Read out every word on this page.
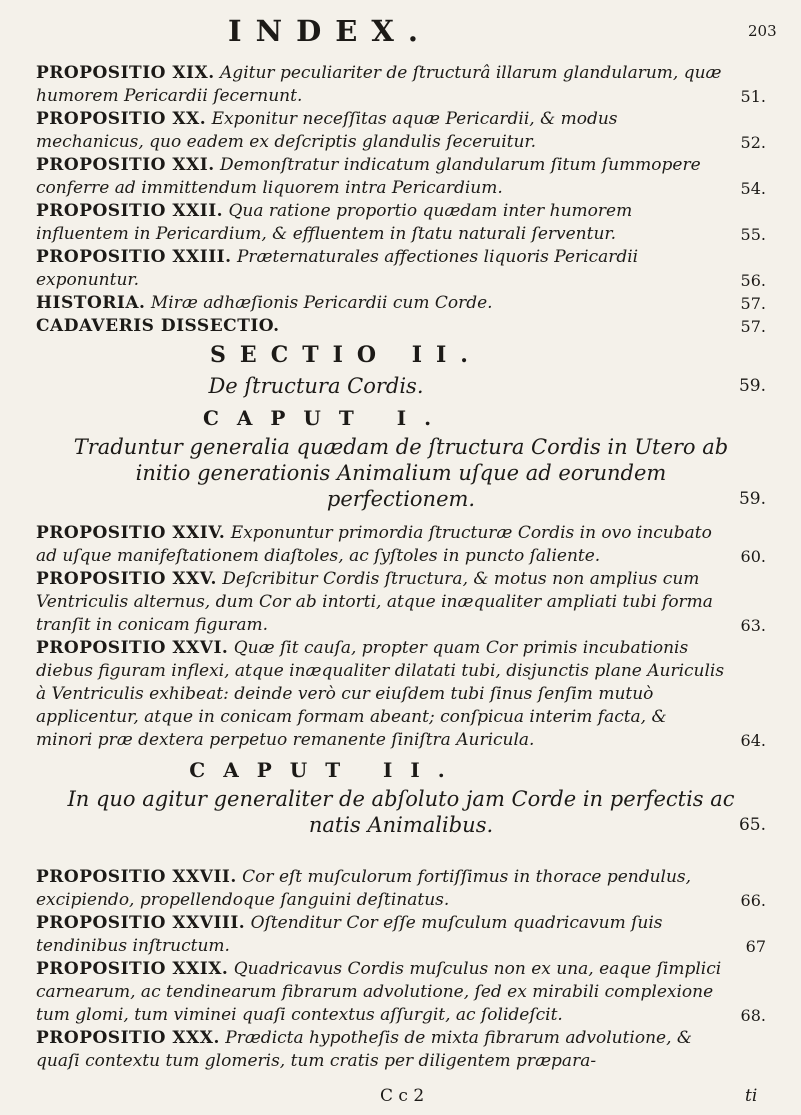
INDEX.	203
PROPOSITIO XIX. Agitur peculiariter de ſtructurâ illarum glandularum, quæ humorem Pericardii ſecernunt.	51.
PROPOSITIO XX. Exponitur neceſſitas aquæ Pericardii, & modus mechanicus, quo eadem ex deſcriptis glandulis ſeceruitur.	52.
PROPOSITIO XXI. Demonſtratur indicatum glandularum ſitum ſummopere conferre ad immittendum liquorem intra Pericardium.	54.
PROPOSITIO XXII. Qua ratione proportio quædam inter humorem influentem in Pericardium, & effluentem in ſtatu naturali ſerventur.	55.
PROPOSITIO XXIII. Præternaturales affectiones liquoris Pericardii exponuntur.	56.
HISTORIA. Miræ adhæſionis Pericardii cum Corde.	57.
CADAVERIS DISSECTIO.	57.
SECTIO II.
De ſtructura Cordis.	59.
CAPUT I.
Traduntur generalia quædam de ſtructura Cordis in Utero ab initio generationis Animalium uſque ad eorundem perfectionem.	59.
PROPOSITIO XXIV. Exponuntur primordia ſtructuræ Cordis in ovo incubato ad uſque manifeſtationem diaſtoles, ac ſyſtoles in puncto ſaliente.	60.
PROPOSITIO XXV. Deſcribitur Cordis ſtructura, & motus non amplius cum Ventriculis alternus, dum Cor ab intorti, atque inæqualiter ampliati tubi forma tranſit in conicam figuram.	63.
PROPOSITIO XXVI. Quæ ſit cauſa, propter quam Cor primis incubationis diebus figuram inflexi, atque inæqualiter dilatati tubi, disjunctis plane Auriculis à Ventriculis exhibeat: deinde verò cur eiuſdem tubi ſinus ſenſim mutuò applicentur, atque in conicam formam abeant; conſpicua interim facta, & minori præ dextera perpetuo remanente ſiniſtra Auricula.	64.
CAPUT II.
In quo agitur generaliter de abſoluto jam Corde in perfectis ac natis Animalibus.	65.
PROPOSITIO XXVII. Cor eſt muſculorum fortiſſimus in thorace pendulus, excipiendo, propellendoque ſanguini deſtinatus.	66.
PROPOSITIO XXVIII. Oſtenditur Cor eſſe muſculum quadricavum ſuis tendinibus inſtructum.	67
PROPOSITIO XXIX. Quadricavus Cordis muſculus non ex una, eaque ſimplici carnearum, ac tendinearum fibrarum advolutione, ſed ex mirabili complexione tum glomi, tum viminei quaſi contextus aſſurgit, ac ſolideſcit.	68.
PROPOSITIO XXX. Prædicta hypotheſis de mixta fibrarum advolutione, & quaſi contextu tum glomeris, tum cratis per diligentem præpara-
C c 2	ti
